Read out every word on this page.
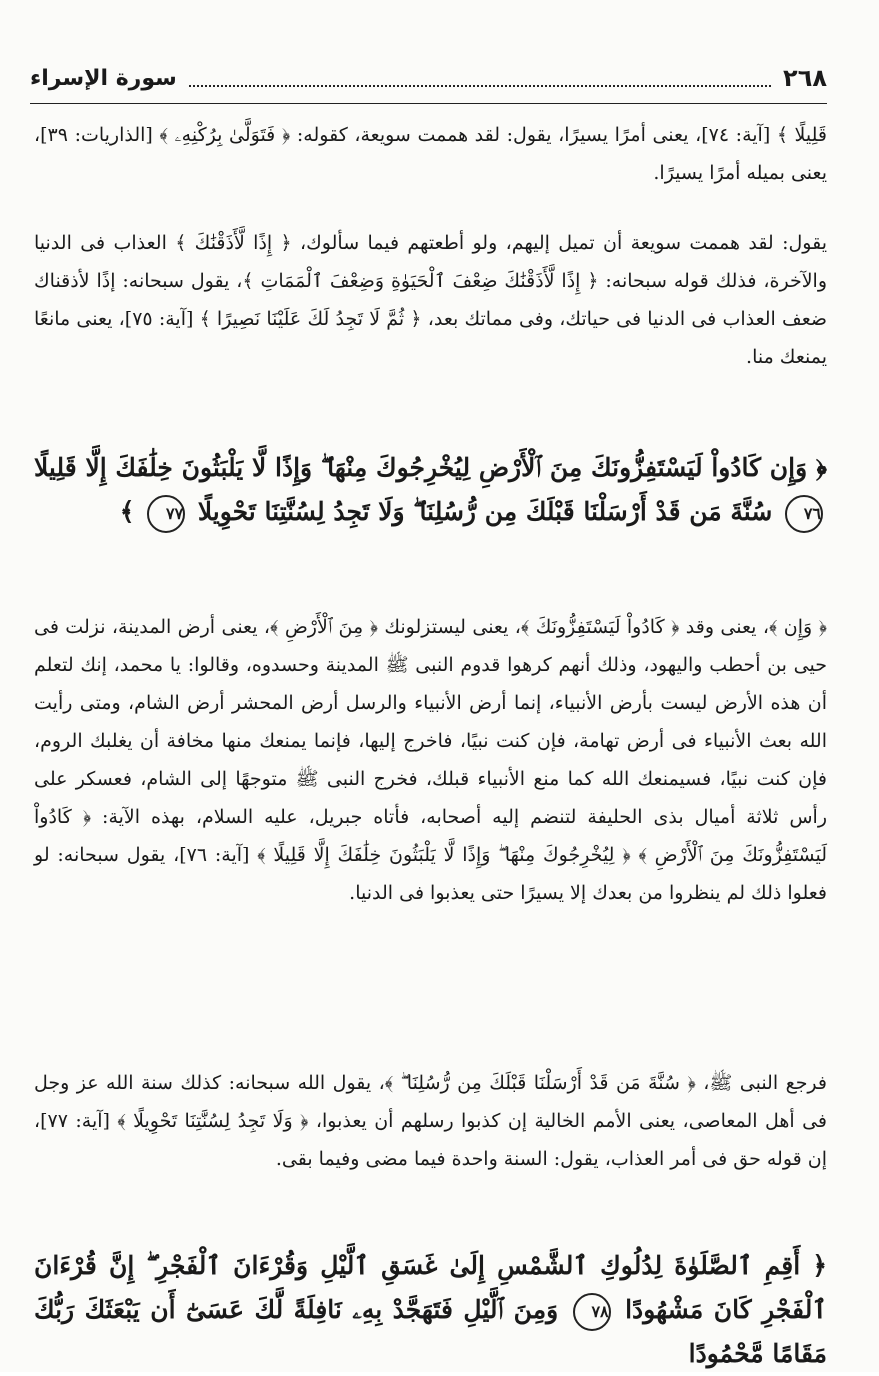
٢٦٨
سورة الإسراء

قَلِيلًا ﴾ [آية: ٧٤]، يعنى أمرًا يسيرًا، يقول: لقد هممت سويعة، كقوله: ﴿ فَتَوَلَّىٰ بِرُكْنِهِۦ ﴾ [الذاريات: ٣٩]، يعنى بميله أمرًا يسيرًا.

يقول: لقد هممت سويعة أن تميل إليهم، ولو أطعتهم فيما سألوك، ﴿ إِذًا لَّأَذَقْنَٰكَ ﴾ العذاب فى الدنيا والآخرة، فذلك قوله سبحانه: ﴿ إِذًا لَّأَذَقْنَٰكَ ضِعْفَ ٱلْحَيَوٰةِ وَضِعْفَ ٱلْمَمَاتِ ﴾، يقول سبحانه: إذًا لأذقناك ضعف العذاب فى الدنيا فى حياتك، وفى مماتك بعد، ﴿ ثُمَّ لَا تَجِدُ لَكَ عَلَيْنَا نَصِيرًا ﴾ [آية: ٧٥]، يعنى مانعًا يمنعك منا.

﴿ وَإِن كَادُواْ لَيَسْتَفِزُّونَكَ مِنَ ٱلْأَرْضِ لِيُخْرِجُوكَ مِنْهَا ۖ وَإِذًا لَّا يَلْبَثُونَ خِلَٰفَكَ إِلَّا قَلِيلًا ٧٦ سُنَّةَ مَن قَدْ أَرْسَلْنَا قَبْلَكَ مِن رُّسُلِنَا ۖ وَلَا تَجِدُ لِسُنَّتِنَا تَحْوِيلًا ٧٧ ﴾

﴿ وَإِن ﴾، يعنى وقد ﴿ كَادُواْ لَيَسْتَفِزُّونَكَ ﴾، يعنى ليستزلونك ﴿ مِنَ ٱلْأَرْضِ ﴾، يعنى أرض المدينة، نزلت فى حيى بن أحطب واليهود، وذلك أنهم كرهوا قدوم النبى ﷺ المدينة وحسدوه، وقالوا: يا محمد، إنك لتعلم أن هذه الأرض ليست بأرض الأنبياء، إنما أرض الأنبياء والرسل أرض المحشر أرض الشام، ومتى رأيت الله بعث الأنبياء فى أرض تهامة، فإن كنت نبيًا، فاخرج إليها، فإنما يمنعك منها مخافة أن يغلبك الروم، فإن كنت نبيًا، فسيمنعك الله كما منع الأنبياء قبلك، فخرج النبى ﷺ متوجهًا إلى الشام، فعسكر على رأس ثلاثة أميال بذى الحليفة لتنضم إليه أصحابه، فأتاه جبريل، عليه السلام، بهذه الآية: ﴿ كَادُواْ لَيَسْتَفِزُّونَكَ مِنَ ٱلْأَرْضِ ﴾ ﴿ لِيُخْرِجُوكَ مِنْهَا ۖ وَإِذًا لَّا يَلْبَثُونَ خِلَٰفَكَ إِلَّا قَلِيلًا ﴾ [آية: ٧٦]، يقول سبحانه: لو فعلوا ذلك لم ينظروا من بعدك إلا يسيرًا حتى يعذبوا فى الدنيا.

فرجع النبى ﷺ، ﴿ سُنَّةَ مَن قَدْ أَرْسَلْنَا قَبْلَكَ مِن رُّسُلِنَا ۖ ﴾، يقول الله سبحانه: كذلك سنة الله عز وجل فى أهل المعاصى، يعنى الأمم الخالية إن كذبوا رسلهم أن يعذبوا، ﴿ وَلَا تَجِدُ لِسُنَّتِنَا تَحْوِيلًا ﴾ [آية: ٧٧]، إن قوله حق فى أمر العذاب، يقول: السنة واحدة فيما مضى وفيما بقى.

﴿ أَقِمِ ٱلصَّلَوٰةَ لِدُلُوكِ ٱلشَّمْسِ إِلَىٰ غَسَقِ ٱلَّيْلِ وَقُرْءَانَ ٱلْفَجْرِ ۖ إِنَّ قُرْءَانَ ٱلْفَجْرِ كَانَ مَشْهُودًا ٧٨ وَمِنَ ٱلَّيْلِ فَتَهَجَّدْ بِهِۦ نَافِلَةً لَّكَ عَسَىٰٓ أَن يَبْعَثَكَ رَبُّكَ مَقَامًا مَّحْمُودًا
